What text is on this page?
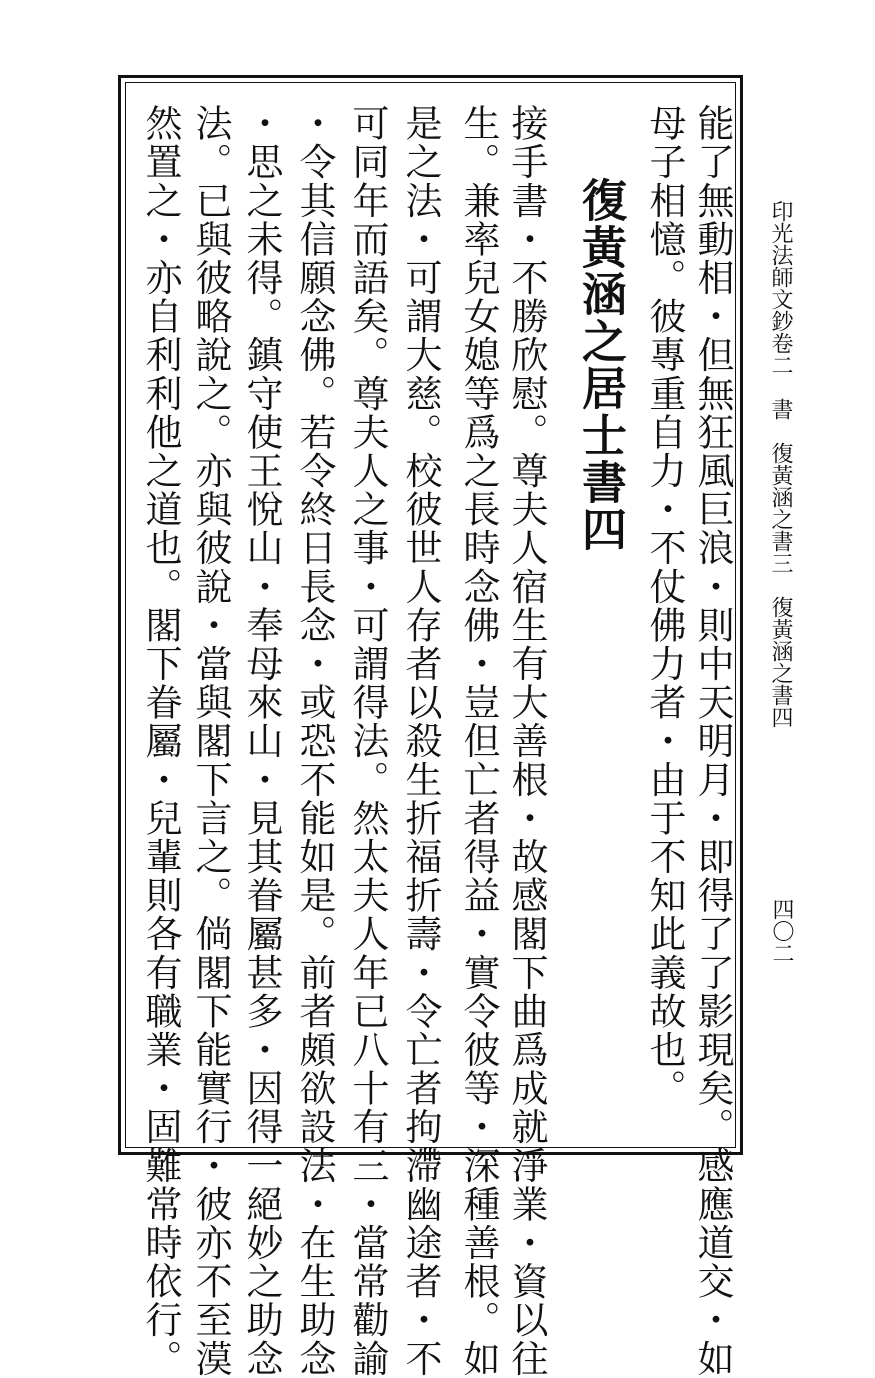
印光法師文鈔卷二書復黃涵之書三復黃涵之書四
四〇二
能了無動相・但無狂風巨浪・則中天明月・即得了了影現矣。感應道交・如
母子相憶。彼專重自力・不仗佛力者・由于不知此義故也。
復黃涵之居士書四
接手書・不勝欣慰。尊夫人宿生有大善根・故感閣下曲爲成就淨業・資以往
生。兼率兒女媳等爲之長時念佛・豈但亡者得益・實令彼等・深種善根。如
是之法・可謂大慈。校彼世人存者以殺生折福折壽・令亡者拘滯幽途者・不
可同年而語矣。尊夫人之事・可謂得法。然太夫人年已八十有三・當常勸諭
・令其信願念佛。若令終日長念・或恐不能如是。前者頗欲設法・在生助念
・思之未得。鎮守使王悅山・奉母來山・見其眷屬甚多・因得一絕妙之助念
法。已與彼略說之。亦與彼說・當與閣下言之。倘閣下能實行・彼亦不至漠
然置之・亦自利利他之道也。閣下眷屬・兒輩則各有職業・固難常時依行。
